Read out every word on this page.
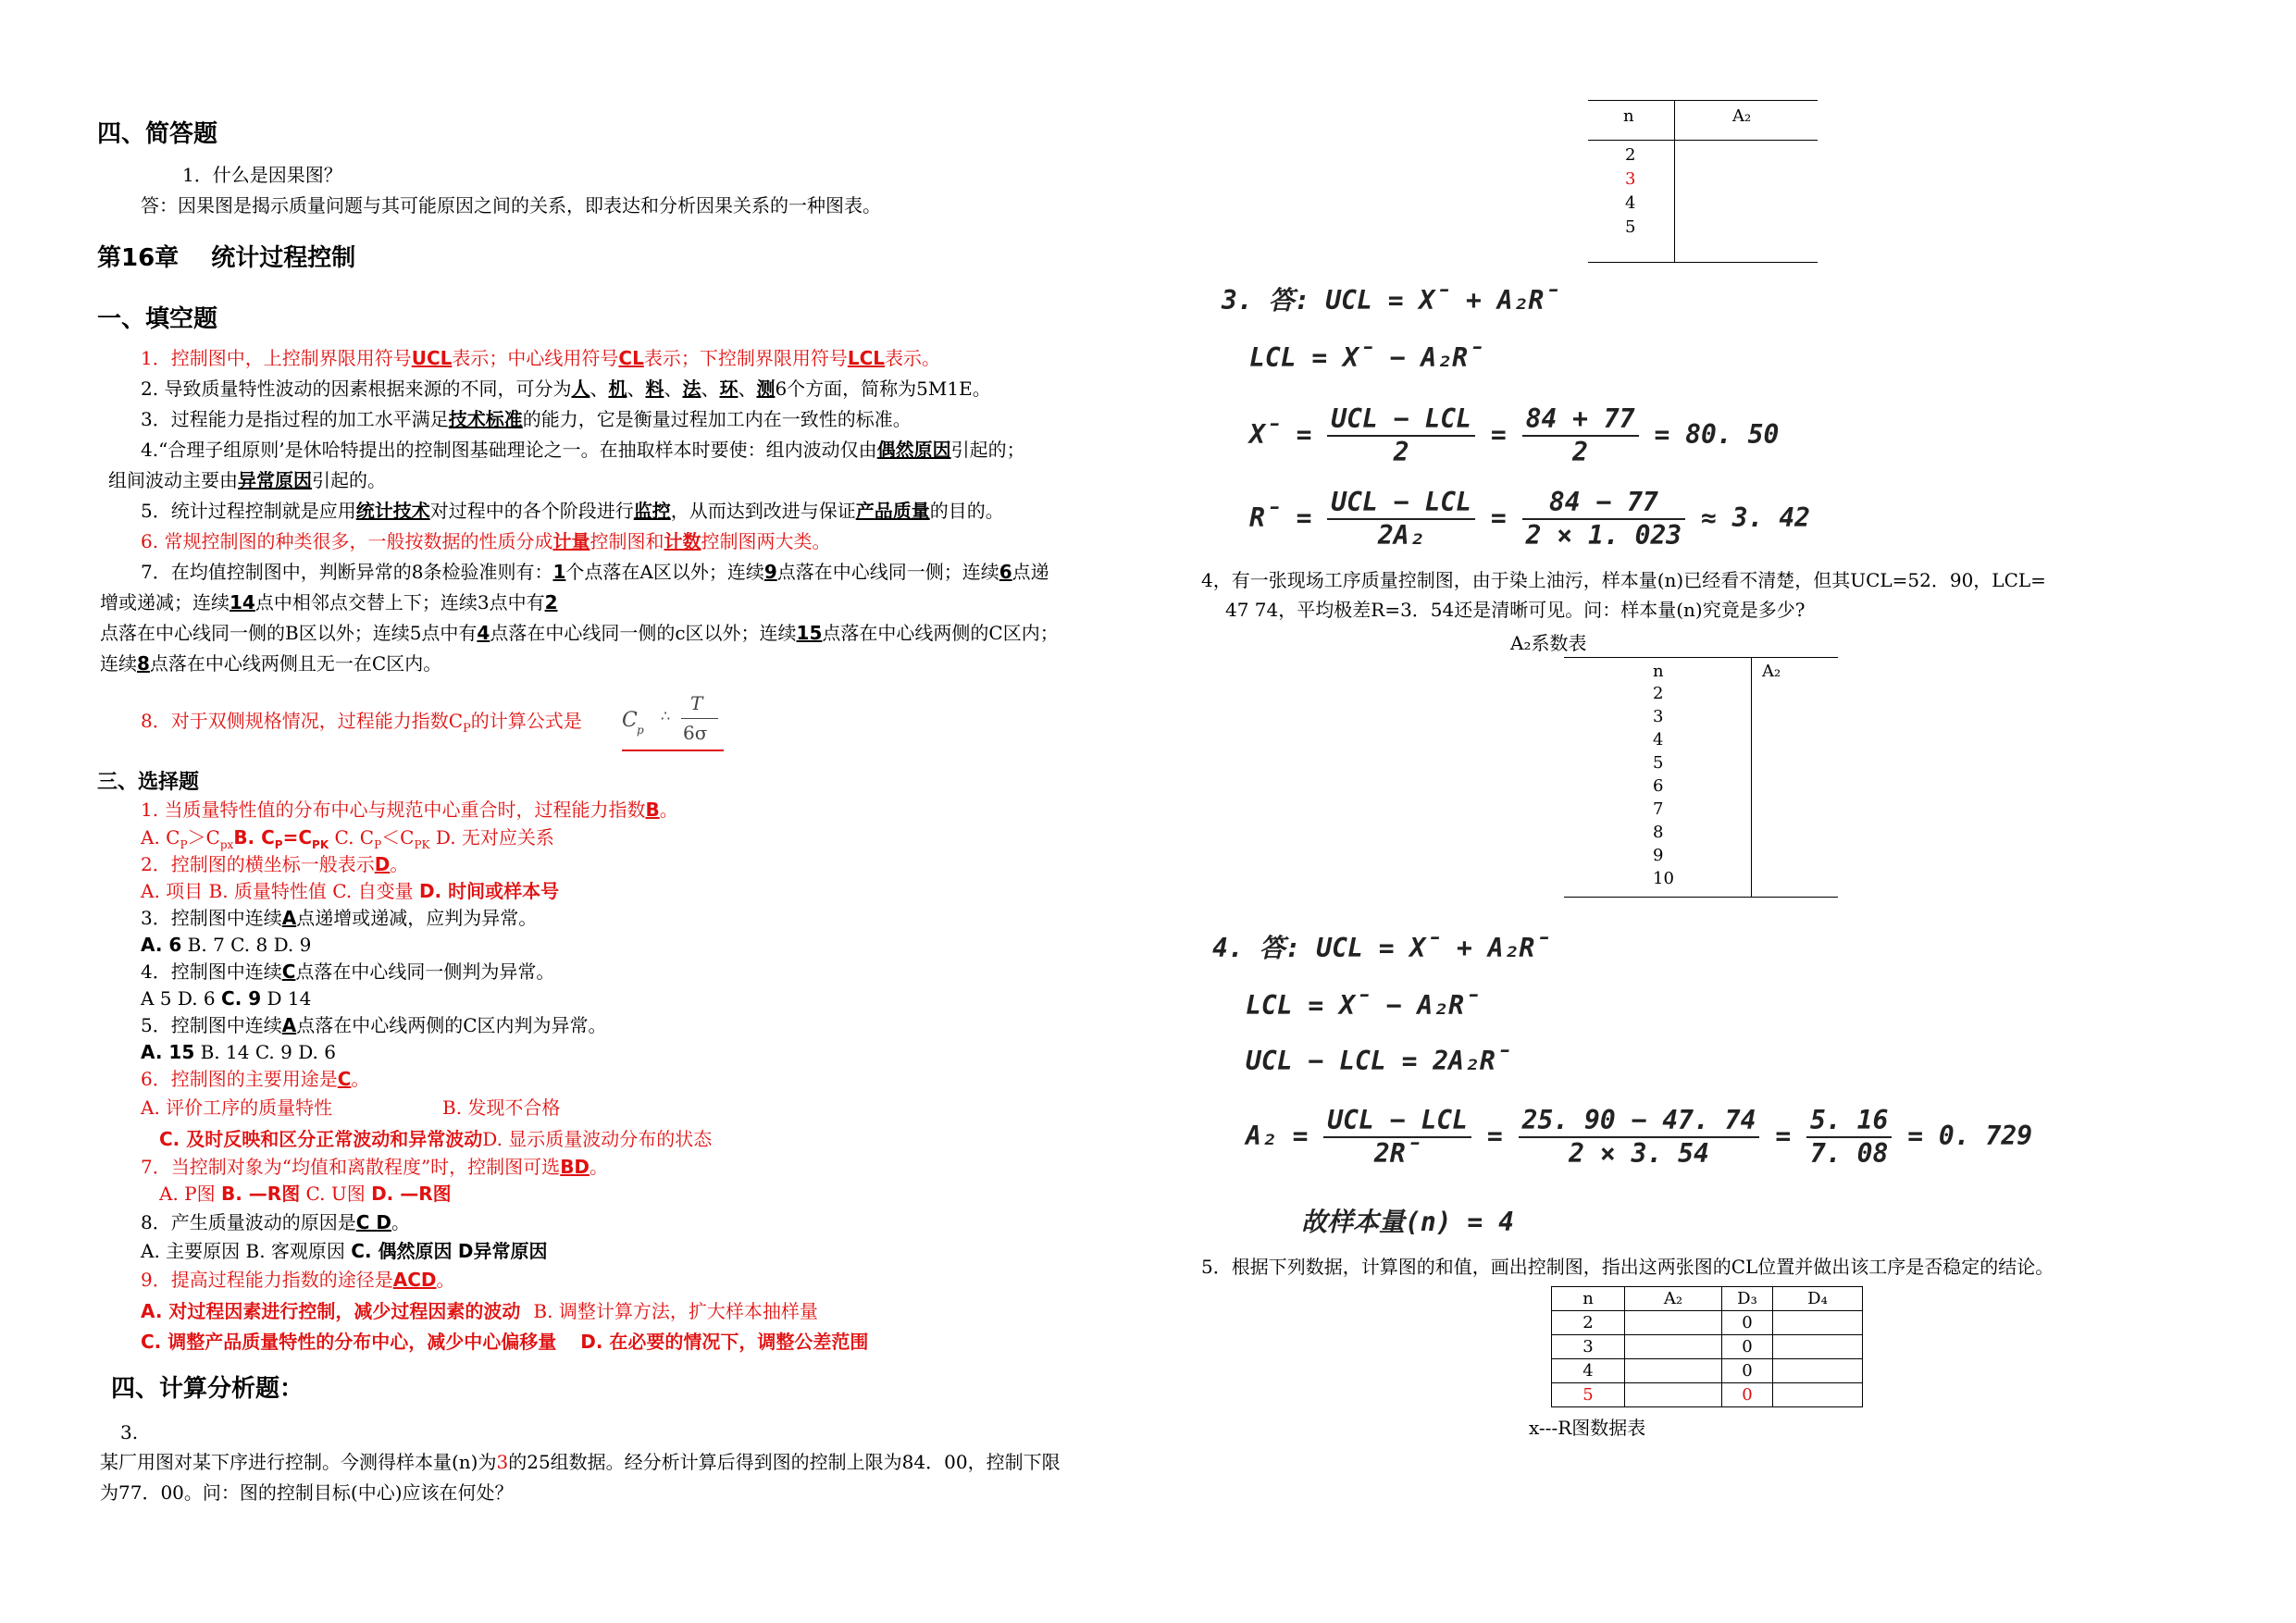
四、简答题
1．什么是因果图？
答：因果图是揭示质量问题与其可能原因之间的关系，即表达和分析因果关系的一种图表。
第16章　 统计过程控制
一、填空题
1．控制图中，上控制界限用符号UCL表示；中心线用符号CL表示；下控制界限用符号LCL表示。
2. 导致质量特性波动的因素根据来源的不同，可分为人、机、料、法、环、测6个方面，简称为5M1E。
3．过程能力是指过程的加工水平满足技术标准的能力，它是衡量过程加工内在一致性的标准。
4.“合理子组原则’是休哈特提出的控制图基础理论之一。在抽取样本时要使：组内波动仅由偶然原因引起的；
组间波动主要由异常原因引起的。
5．统计过程控制就是应用统计技术对过程中的各个阶段进行监控，从而达到改进与保证产品质量的目的。
6. 常规控制图的种类很多，一般按数据的性质分成计量控制图和计数控制图两大类。
7．在均值控制图中，判断异常的8条检验准则有：1个点落在A区以外；连续9点落在中心线同一侧；连续6点递
增或递减；连续14点中相邻点交替上下；连续3点中有2
点落在中心线同一侧的B区以外；连续5点中有4点落在中心线同一侧的c区以外；连续15点落在中心线两侧的C区内；
连续8点落在中心线两侧且无一在C区内。
8．对于双侧规格情况，过程能力指数$C_P$的计算公式是 C p
∴
T
6σ
三、选择题
1. 当质量特性值的分布中心与规范中心重合时，过程能力指数B。
A. $C_P>C_{px}B$. $C_P=C_{PK}$ C. $C_P<C_{PK}$ D. 无对应关系
2．控制图的横坐标一般表示D。
A. 项目 B. 质量特性值 C. 自变量 D. 时间或样本号
3．控制图中连续A点递增或递减，应判为异常。
A. 6 B. 7 C. 8 D. 9
4．控制图中连续C点落在中心线同一侧判为异常。
A 5 D. 6 C. 9 D 14
5．控制图中连续A点落在中心线两侧的C区内判为异常。
A. 15 B. 14 C. 9 D. 6
6．控制图的主要用途是C。
A. 评价工序的质量特性	B. 发现不合格
C. 及时反映和区分正常波动和异常波动D. 显示质量波动分布的状态
7．当控制对象为“均值和离散程度”时，控制图可选BD。
A. P图 B. —R图 C. U图 D. —R图
8．产生质量波动的原因是C D。
A. 主要原因 B. 客观原因 C. 偶然原因 D异常原因
9．提高过程能力指数的途径是ACD。
A. 对过程因素进行控制，减少过程因素的波动 B. 调整计算方法，扩大样本抽样量
C. 调整产品质量特性的分布中心，减少中心偏移量 D. 在必要的情况下，调整公差范围
四、计算分析题：
3.
某厂用图对某下序进行控制。今测得样本量(n)为3的25组数据。经分析计算后得到图的控制上限为84．00，控制下限
为77．00。问：图的控制目标(中心)应该在何处？
n	A₂
2
3
4
5
3. 答: UCL = X̄ + A₂R̄
LCL = X̄ − A₂R̄
X̄ = $\frac{\text{UCL − LCL}}{2} = \frac{84 + 77}{2} = 80$. 50
R̄ = $\frac{\text{UCL − LCL}}{\text{2A₂}} = \frac{84 - 77}{2 \times 1. 023} \approx 3$. 42
4，有一张现场工序质量控制图，由于染上油污，样本量(n)已经看不清楚，但其UCL=52．90，LCL=
47 74，平均极差R=3．54还是清晰可见。问：样本量(n)究竟是多少?
A₂系数表
n	A₂
2
3
4
5
6
7
8
9
10
4. 答: UCL = X̄ + A₂R̄
LCL = X̄ − A₂R̄
UCL − LCL = 2A₂R̄
$A_2 = \frac{\text{UCL − LCL}}{2R̄} = \frac{25. 90 - 47. 74}{2 \times 3. 54} = \frac{5. 16}{7. 08} = 0$. 729
故样本量(n) = 4
5．根据下列数据，计算图的和值，画出控制图，指出这两张图的CL位置并做出该工序是否稳定的结论。
n	A₂	D₃	D₄
2		0	
3		0	
4		0	
5		0	
x---R图数据表
